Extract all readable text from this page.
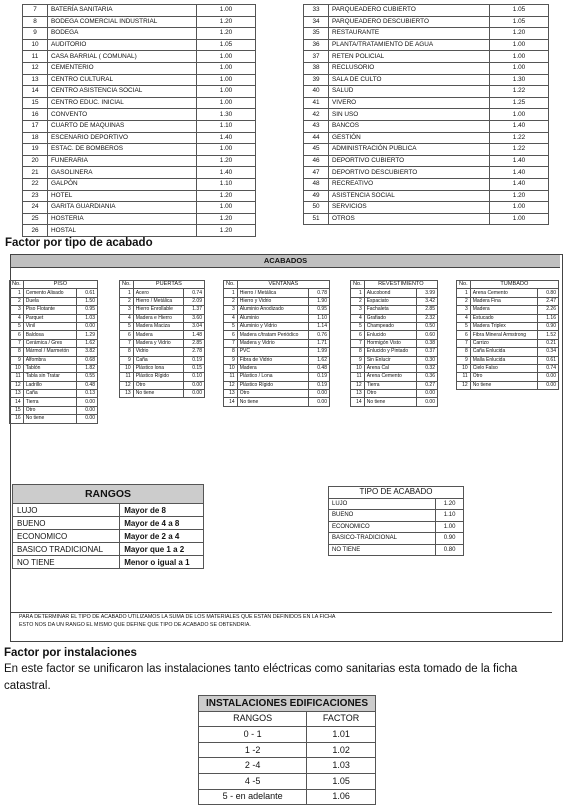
7	BATERÍA SANITARIA	1.00
8	BODEGA COMERCIAL INDUSTRIAL	1.20
9	BODEGA	1.20
10	AUDITORIO	1.05
11	CASA BARRIAL ( COMUNAL)	1.00
12	CEMENTERIO	1.00
13	CENTRO CULTURAL	1.00
14	CENTRO ASISTENCIA SOCIAL	1.00
15	CENTRO EDUC. INICIAL	1.00
16	CONVENTO	1.30
17	CUARTO DE MAQUINAS	1.10
18	ESCENARIO DEPORTIVO	1.40
19	ESTAC. DE BOMBEROS	1.00
20	FUNERARIA	1.20
21	GASOLINERA	1.40
22	GALPÓN	1.10
23	HOTEL	1.20
24	GARITA GUARDIANIA	1.00
25	HOSTERIA	1.20
26	HOSTAL	1.20
33	PARQUEADERO CUBIERTO	1.05
34	PARQUEADERO DESCUBIERTO	1.05
35	RESTAURANTE	1.20
36	PLANTA/TRATAMIENTO DE AGUA	1.00
37	RETEN POLICIAL	1.00
38	RECLUSORIO	1.00
39	SALA DE CULTO	1.30
40	SALUD	1.22
41	VIVERO	1.25
42	SIN USO	1.00
43	BANCOS	1.40
44	GESTIÓN	1.22
45	ADMINISTRACIÓN PUBLICA	1.22
46	DEPORTIVO CUBIERTO	1.40
47	DEPORTIVO DESCUBIERTO	1.40
48	RECREATIVO	1.40
49	ASISTENCIA SOCIAL	1.20
50	SERVICIOS	1.00
51	OTROS	1.00
Factor por tipo de acabado
ACABADOS
No.	PISO	
1	Cemento Alisado	0.61
2	Duela	1.50
3	Piso Flotante	0.95
4	Parquet	1.03
5	Vinil	0.00
6	Baldosa	1.29
7	Cerámica / Gres	1.62
8	Mármol / Marmetón	3.82
9	Alfombra	0.68
10	Tablón	1.82
11	Tabla sin Tratar	0.55
12	Ladrillo	0.48
13	Caña	0.13
14	Tierra	0.00
15	Otro	0.00
16	No tiene	0.00
No.	PUERTAS	
1	Acero	0.74
2	Hierro / Metálica	2.09
3	Hierro Enrollable	1.37
4	Madera e Hierro	3.60
5	Madera Maciza	3.04
6	Madera	1.48
7	Madera y Vidrio	2.85
8	Vidrio	2.78
9	Caña	0.19
10	Plástico lona	0.15
11	Plástico Rígido	0.10
12	Otro	0.00
13	No tiene	0.00
No.	VENTANAS	
1	Hierro / Metálica	0.78
2	Hierro y Vidrio	1.90
3	Aluminio Anodizado	0.95
4	Aluminio	1.10
5	Aluminio y Vidrio	1.14
6	Madera c/tratam Periódico	0.76
7	Madera y Vidrio	1.71
8	PVC	1.99
9	Fibra de Vidrio	1.62
10	Madera	0.48
11	Plástico / Lona	0.19
12	Plástico Rígido	0.19
13	Otro	0.00
14	No tiene	0.00
No.	REVESTIMIENTO	
1	Alucobond	3.99
2	Espaciato	3.42
3	Fachaleta	2.85
4	Grafiado	2.32
5	Champeado	0.50
6	Enlucido	0.60
7	Hormigón Visto	0.38
8	Enlucido y Pintado	0.37
9	Sin Enlucir	0.30
10	Arena Cal	0.32
11	Arena Cemento	0.36
12	Tierra	0.27
13	Otro	0.00
14	No tiene	0.00
No.	TUMBADO	
1	Arena Cemento	0.80
2	Madera Fina	2.47
3	Madera	2.26
4	Estucado	1.16
5	Madera Triplex	0.90
6	Fibra Mineral Armstrong	1.52
7	Carrizo	0.21
8	Caña Enlucida	0.34
9	Malla Enlucida	0.61
10	Cielo Falso	0.74
11	Otro	0.00
12	No tiene	0.00
RANGOS	
LUJO	Mayor de 8
BUENO	Mayor de 4 a 8
ECONOMICO	Mayor de 2 a 4
BASICO TRADICIONAL	Mayor que 1 a 2
NO TIENE	Menor o igual a 1
TIPO DE ACABADO	
LUJO	1.20
BUENO	1.10
ECONOMICO	1.00
BASICO-TRADICIONAL	0.90
NO TIENE	0.80
PARA DETERMINAR EL TIPO DE ACABADO UTILIZAMOS LA SUMA DE LOS MATERIALES QUE ESTAN DEFINIDOS EN LA FICHA
ESTO NOS DA UN RANGO EL MISMO QUE DEFINE QUE TIPO DE ACABADO SE OBTENDRIA.
Factor por instalaciones
En este factor se unificaron las instalaciones tanto eléctricas como sanitarias esta tomado de la ficha catastral.
INSTALACIONES EDIFICACIONES	
RANGOS	FACTOR
0 - 1	1.01
1 -2	1.02
2 -4	1.03
4 -5	1.05
5 - en adelante	1.06
